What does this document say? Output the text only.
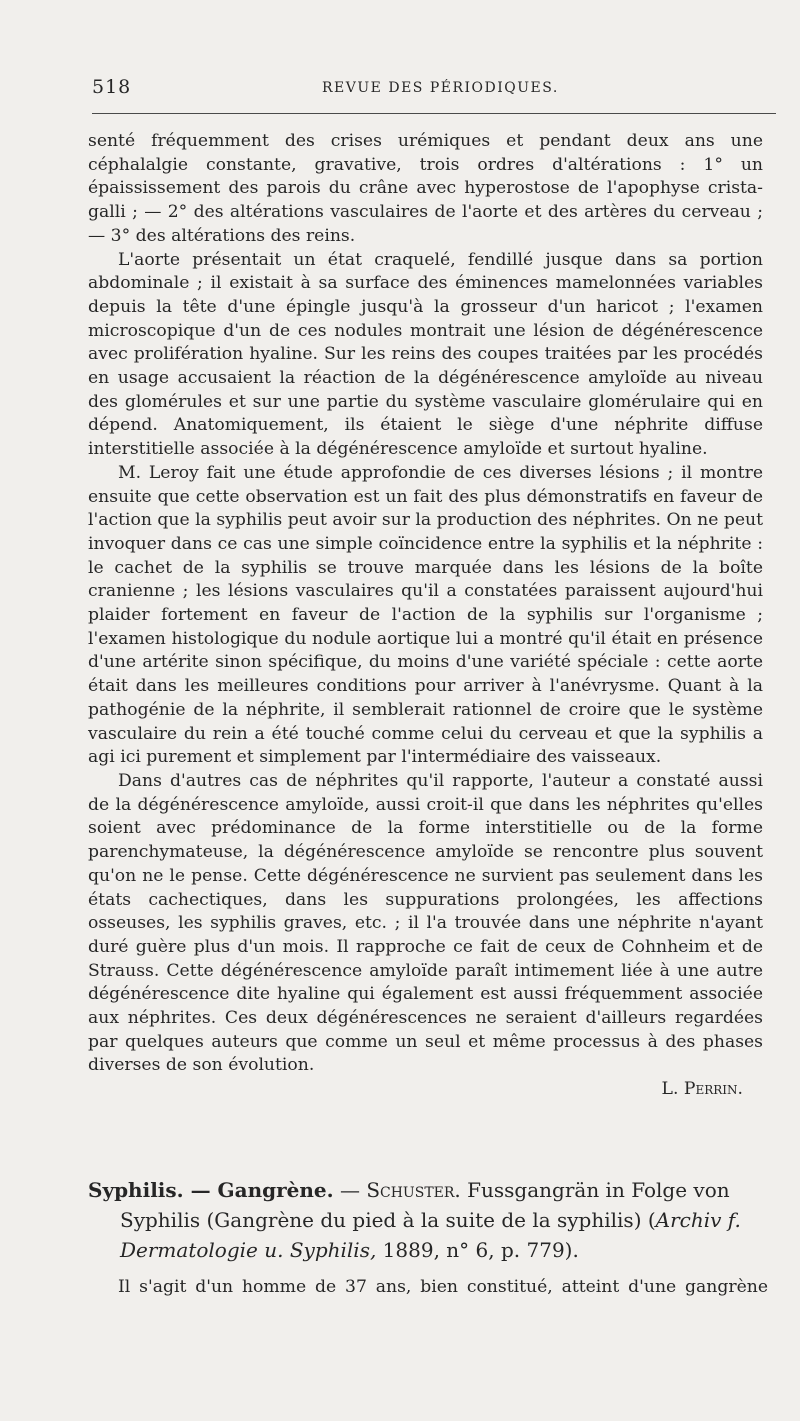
518	REVUE DES PÉRIODIQUES.

senté fréquemment des crises urémiques et pendant deux ans une céphalalgie constante, gravative, trois ordres d'altérations : 1° un épaississement des parois du crâne avec hyperostose de l'apophyse crista-galli ; — 2° des altérations vasculaires de l'aorte et des artères du cerveau ; — 3° des altérations des reins.

L'aorte présentait un état craquelé, fendillé jusque dans sa portion abdominale ; il existait à sa surface des éminences mamelonnées variables depuis la tête d'une épingle jusqu'à la grosseur d'un haricot ; l'examen microscopique d'un de ces nodules montrait une lésion de dégénérescence avec prolifération hyaline. Sur les reins des coupes traitées par les procédés en usage accusaient la réaction de la dégénérescence amyloïde au niveau des glomérules et sur une partie du système vasculaire glomérulaire qui en dépend. Anatomiquement, ils étaient le siège d'une néphrite diffuse interstitielle associée à la dégénérescence amyloïde et surtout hyaline.

M. Leroy fait une étude approfondie de ces diverses lésions ; il montre ensuite que cette observation est un fait des plus démonstratifs en faveur de l'action que la syphilis peut avoir sur la production des néphrites. On ne peut invoquer dans ce cas une simple coïncidence entre la syphilis et la néphrite : le cachet de la syphilis se trouve marquée dans les lésions de la boîte cranienne ; les lésions vasculaires qu'il a constatées paraissent aujourd'hui plaider fortement en faveur de l'action de la syphilis sur l'organisme ; l'examen histologique du nodule aortique lui a montré qu'il était en présence d'une artérite sinon spécifique, du moins d'une variété spéciale : cette aorte était dans les meilleures conditions pour arriver à l'anévrysme. Quant à la pathogénie de la néphrite, il semblerait rationnel de croire que le système vasculaire du rein a été touché comme celui du cerveau et que la syphilis a agi ici purement et simplement par l'intermédiaire des vaisseaux.

Dans d'autres cas de néphrites qu'il rapporte, l'auteur a constaté aussi de la dégénérescence amyloïde, aussi croit-il que dans les néphrites qu'elles soient avec prédominance de la forme interstitielle ou de la forme parenchymateuse, la dégénérescence amyloïde se rencontre plus souvent qu'on ne le pense. Cette dégénérescence ne survient pas seulement dans les états cachectiques, dans les suppurations prolongées, les affections osseuses, les syphilis graves, etc. ; il l'a trouvée dans une néphrite n'ayant duré guère plus d'un mois. Il rapproche ce fait de ceux de Cohnheim et de Strauss. Cette dégénérescence amyloïde paraît intimement liée à une autre dégénérescence dite hyaline qui également est aussi fréquemment associée aux néphrites. Ces deux dégénérescences ne seraient d'ailleurs regardées par quelques auteurs que comme un seul et même processus à des phases diverses de son évolution.

L. Perrin.

Syphilis. — Gangrène. — Schuster. Fussgangrän in Folge von Syphilis (Gangrène du pied à la suite de la syphilis) (Archiv f. Dermatologie u. Syphilis, 1889, n° 6, p. 779).

Il s'agit d'un homme de 37 ans, bien constitué, atteint d'une gangrène
